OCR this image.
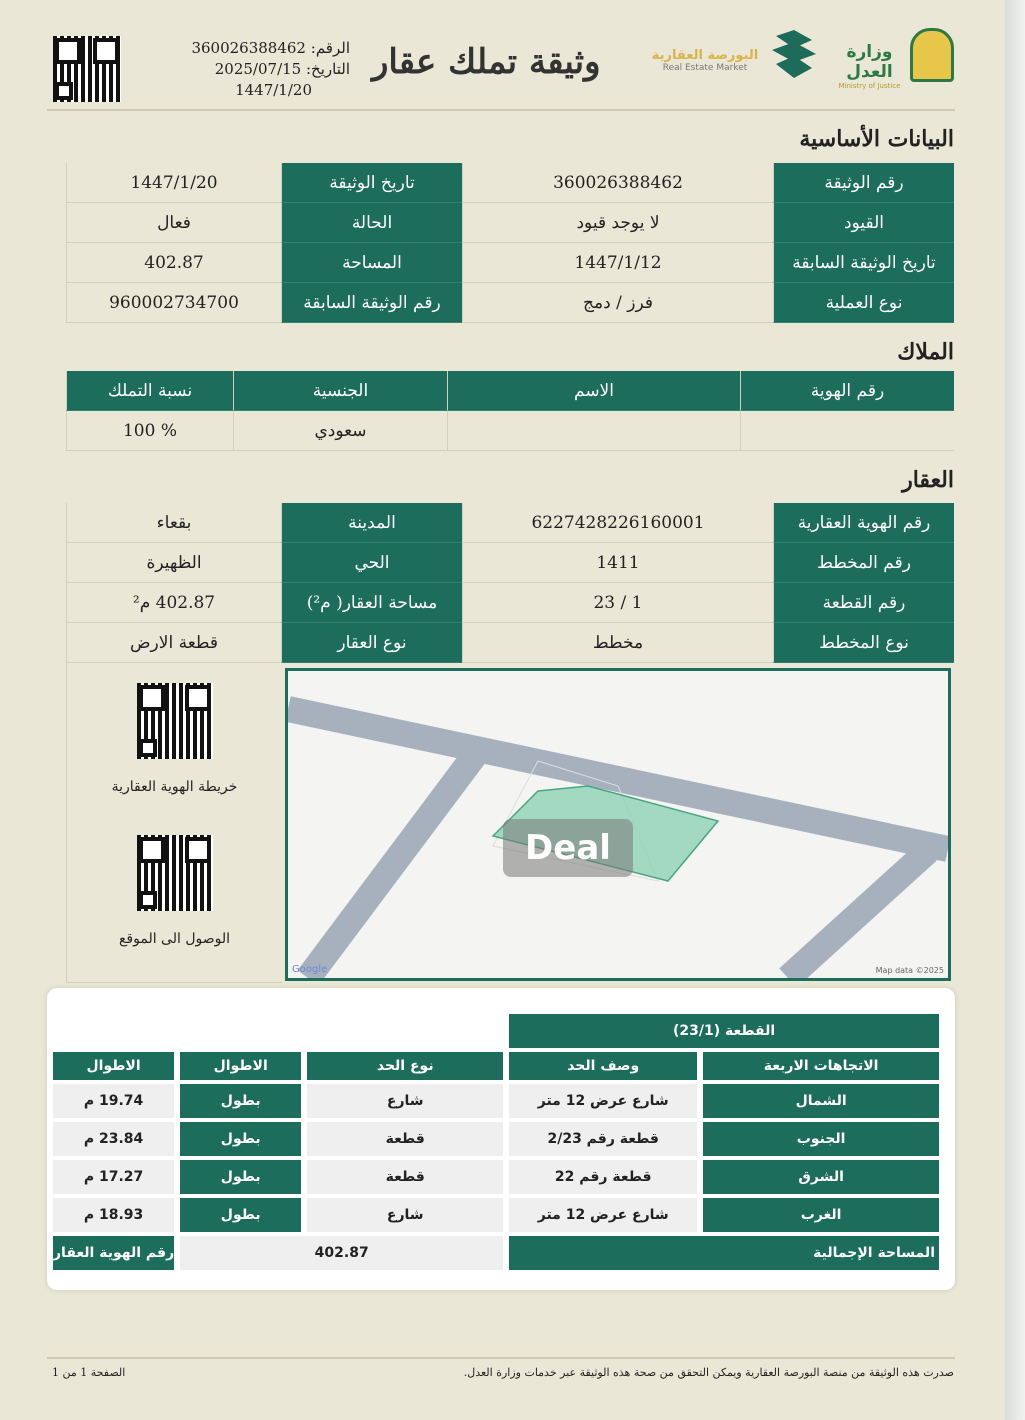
الرقم: 360026388462
التاريخ: 2025/07/15
1447/1/20
وثيقة تملك عقار	البورصة العقارية
Real Estate Market
وزارة العدل
Ministry of Justice
البيانات الأساسية
رقم الوثيقة	360026388462	تاريخ الوثيقة	1447/1/20
القيود	لا يوجد قيود	الحالة	فعال
تاريخ الوثيقة السابقة	1447/1/12	المساحة	402.87
نوع العملية	فرز / دمج	رقم الوثيقة السابقة	960002734700
الملاك
رقم الهوية	الاسم	الجنسية	نسبة التملك
		سعودي	% 100
العقار
رقم الهوية العقارية	6227428226160001	المدينة	بقعاء
رقم المخطط	1411	الحي	الظهيرة
رقم القطعة	1 / 23	مساحة العقار( م²)	402.87 م²
نوع المخطط	مخطط	نوع العقار	قطعة الارض
خريطة الهوية العقارية
الوصول الى الموقع
Deal
Google	Map data ©2025
القطعة (23/1)				
الاتجاهات الاربعة	وصف الحد	نوع الحد	الاطوال	الاطوال
الشمال	شارع عرض 12 متر	شارع	بطول	19.74 م
الجنوب	قطعة رقم 2/23	قطعة	بطول	23.84 م
الشرق	قطعة رقم 22	قطعة	بطول	17.27 م
الغرب	شارع عرض 12 متر	شارع	بطول	18.93 م
المساحة الإجمالية		402.87		رقم الهوية العقار
صدرت هذه الوثيقة من منصة البورصة العقارية ويمكن التحقق من صحة هذه الوثيقة عبر خدمات وزارة العدل.
الصفحة 1 من 1
